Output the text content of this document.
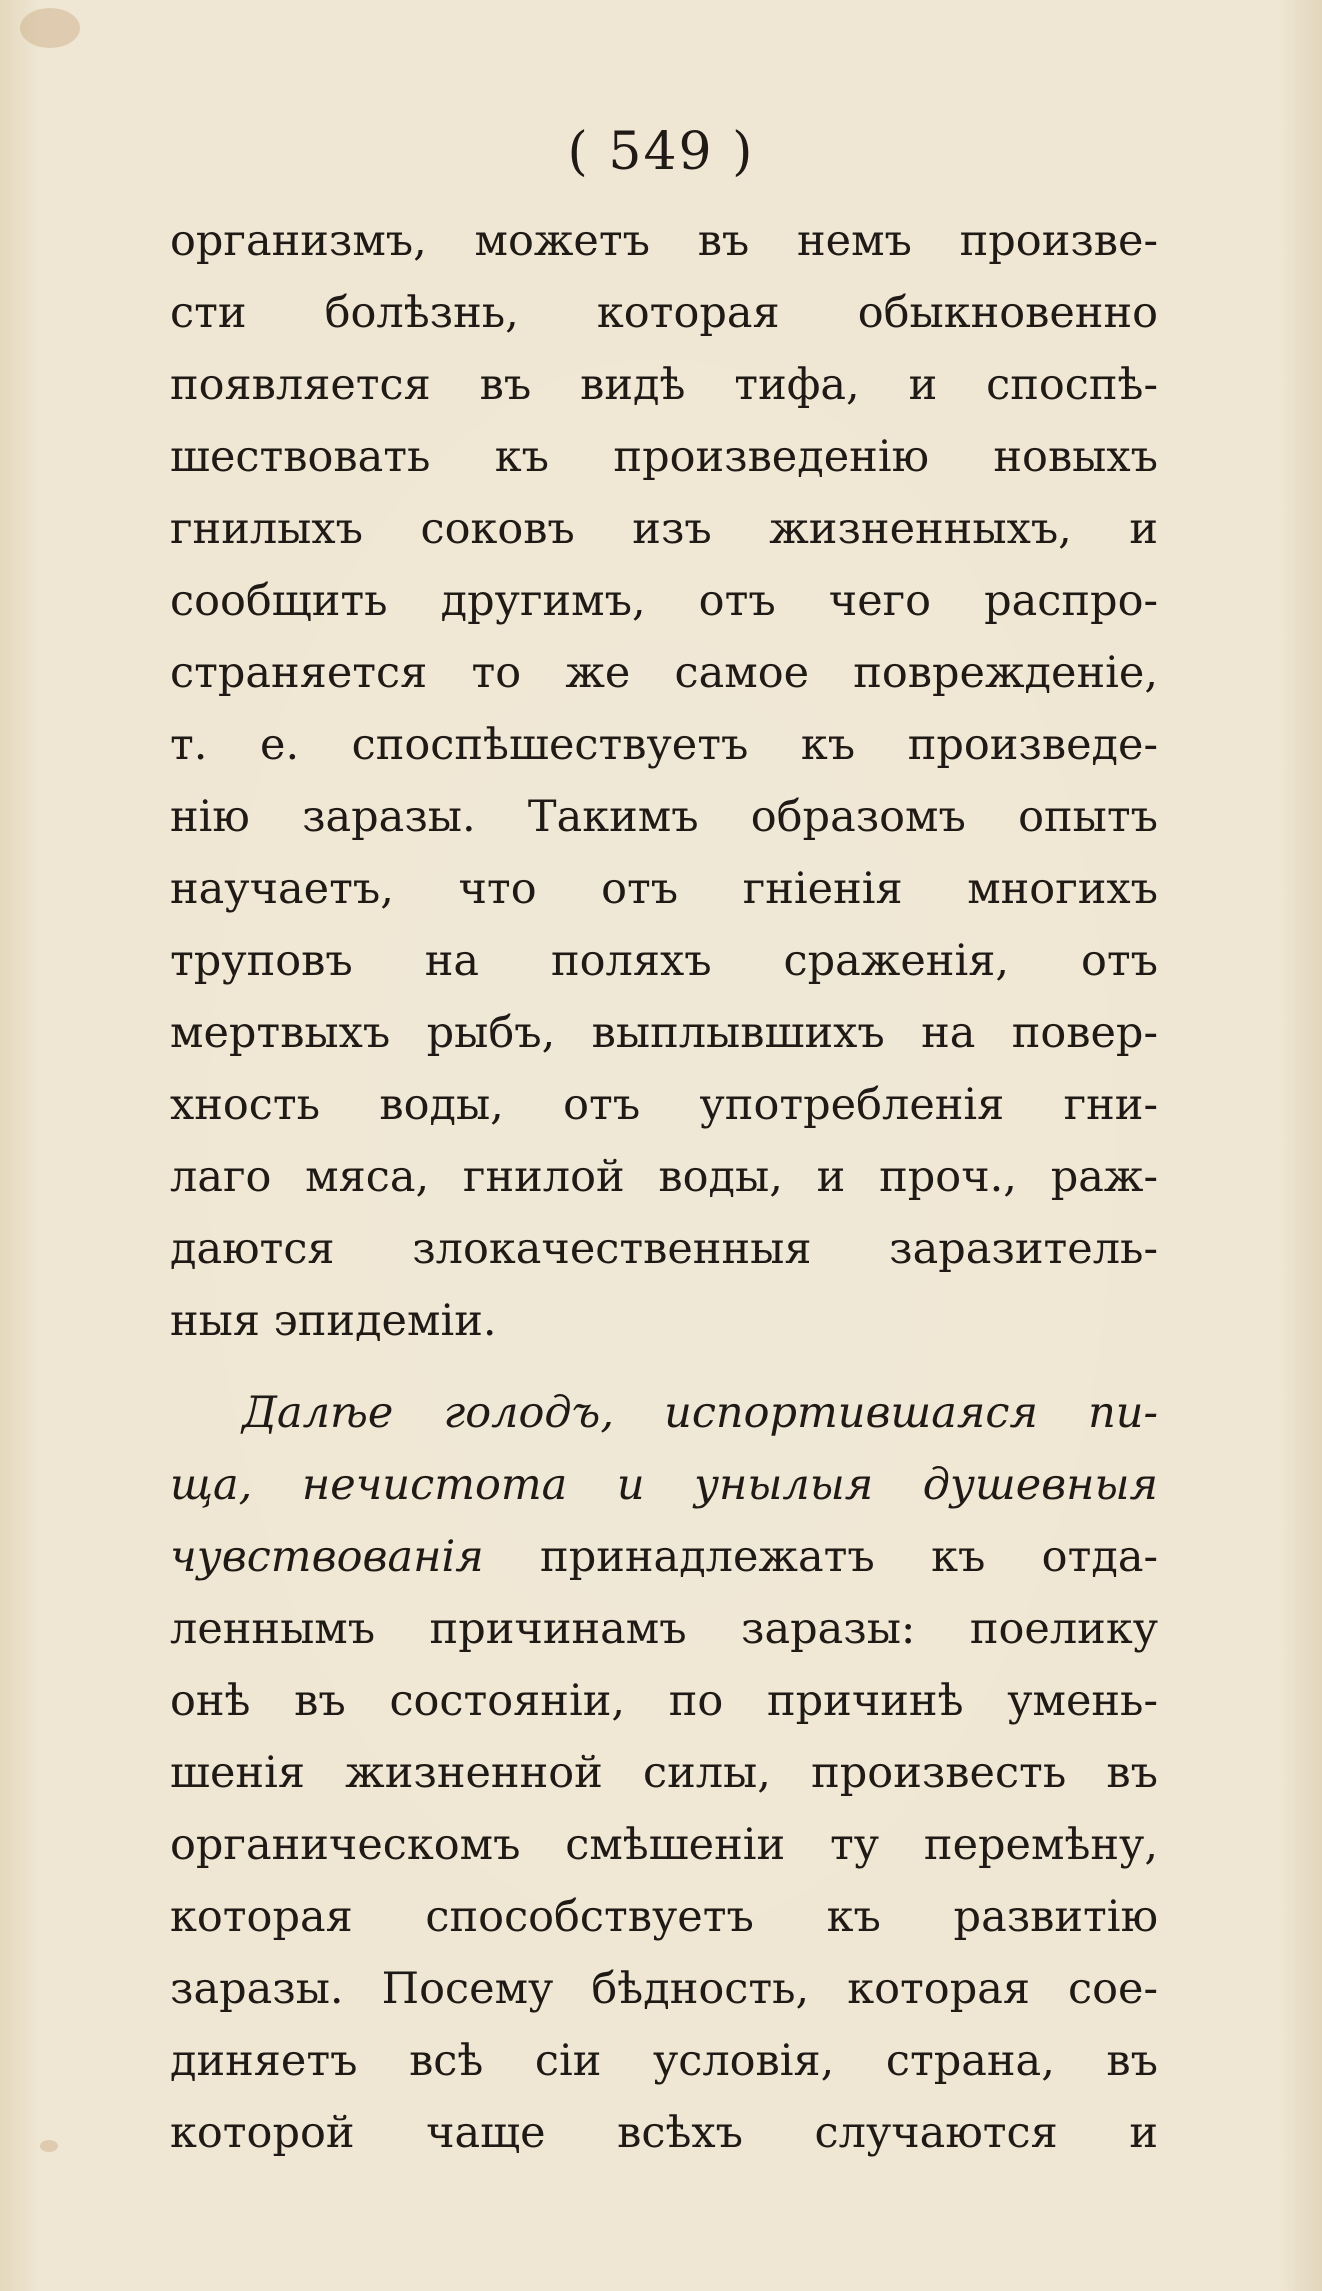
( 549 )
организмъ, можетъ въ немъ произве-
сти болѣзнь, которая обыкновенно
появляется въ видѣ тифа, и споспѣ-
шествовать къ произведенiю новыхъ
гнилыхъ соковъ изъ жизненныхъ, и
сообщить другимъ, отъ чего распро-
страняется то же самое поврежденiе,
т. е. споспѣшествуетъ къ произведе-
нiю заразы. Такимъ образомъ опытъ
научаетъ, что отъ гнiенiя многихъ
труповъ на поляхъ сраженiя, отъ
мертвыхъ рыбъ, выплывшихъ на повер-
хность воды, отъ употребленiя гни-
лаго мяса, гнилой воды, и проч., раж-
даются злокачественныя заразитель-
ныя эпидемiи.
Далѣе голодъ, испортившаяся пи-
ща, нечистота и унылыя душевныя
чувствованiя принадлежатъ къ отда-
леннымъ причинамъ заразы: поелику
онѣ въ состоянiи, по причинѣ умень-
шенiя жизненной силы, произвесть въ
органическомъ смѣшенiи ту перемѣну,
которая способствуетъ къ развитiю
заразы. Посему бѣдность, которая сое-
диняетъ всѣ сiи условiя, страна, въ
которой чаще всѣхъ случаются и
